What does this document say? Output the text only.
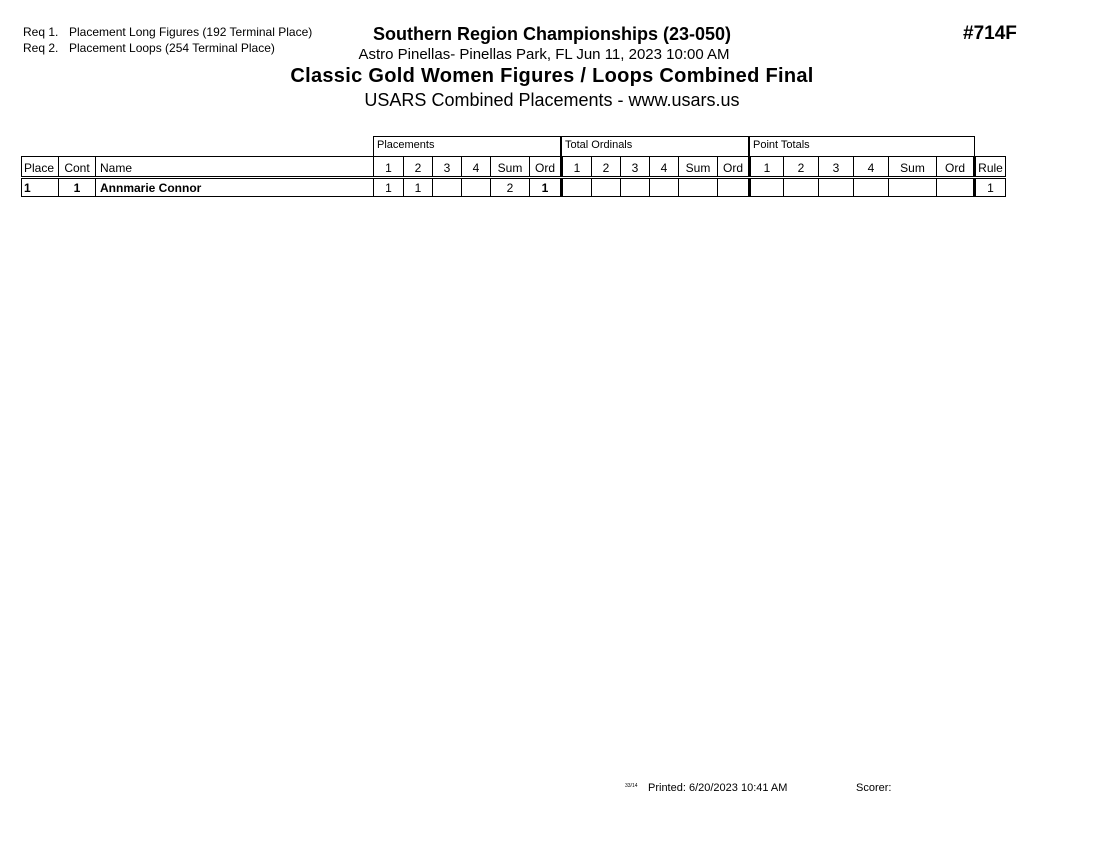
Req 1. Placement Long Figures (192 Terminal Place)
Req 2. Placement Loops (254 Terminal Place)
Southern Region Championships (23-050)
Astro Pinellas- Pinellas Park, FL Jun 11, 2023 10:00 AM
Classic Gold Women Figures / Loops Combined Final
USARS Combined Placements - www.usars.us
#714F
Placements	Total Ordinals	Point Totals
Place	Cont	Name	1	2	3	4	Sum	Ord	1	2	3	4	Sum	Ord	1	2	3	4	Sum	Ord	Rule
1	1	Annmarie Connor	1	1			2	1													1
33/14 Printed: 6/20/2023 10:41 AM	Scorer:
